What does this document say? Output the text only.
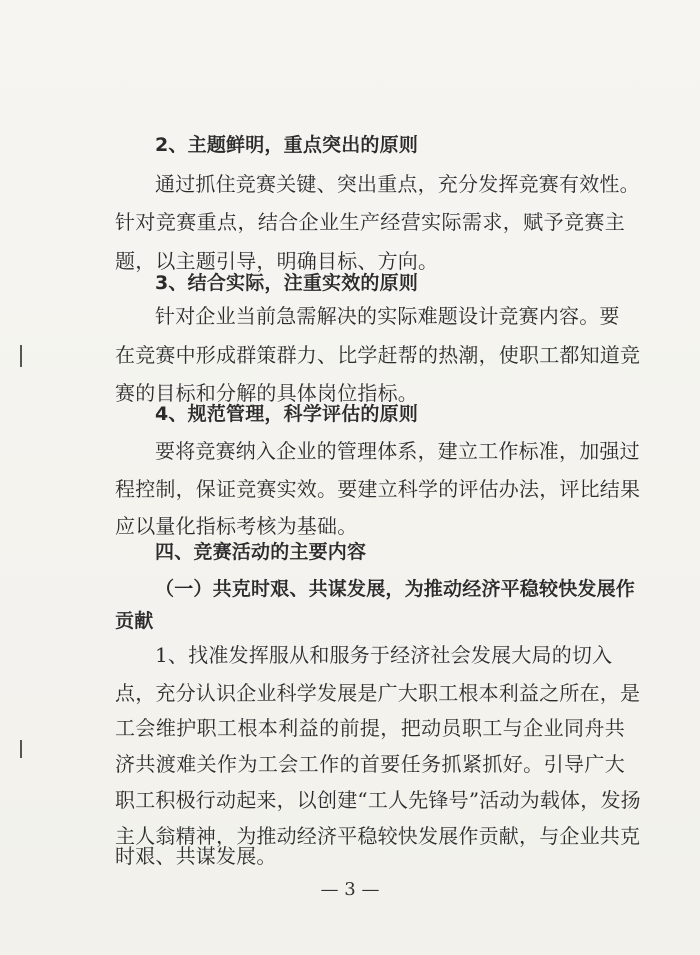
2、主题鲜明，重点突出的原则
通过抓住竞赛关键、突出重点，充分发挥竞赛有效性。
针对竞赛重点，结合企业生产经营实际需求，赋予竞赛主
题，以主题引导，明确目标、方向。
3、结合实际，注重实效的原则
针对企业当前急需解决的实际难题设计竞赛内容。要
在竞赛中形成群策群力、比学赶帮的热潮，使职工都知道竞
赛的目标和分解的具体岗位指标。
4、规范管理，科学评估的原则
要将竞赛纳入企业的管理体系，建立工作标准，加强过
程控制，保证竞赛实效。要建立科学的评估办法，评比结果
应以量化指标考核为基础。
四、竞赛活动的主要内容
（一）共克时艰、共谋发展，为推动经济平稳较快发展作
贡献
1、找准发挥服从和服务于经济社会发展大局的切入
点，充分认识企业科学发展是广大职工根本利益之所在，是
工会维护职工根本利益的前提，把动员职工与企业同舟共
济共渡难关作为工会工作的首要任务抓紧抓好。引导广大
职工积极行动起来，以创建“工人先锋号”活动为载体，发扬
主人翁精神，为推动经济平稳较快发展作贡献，与企业共克
时艰、共谋发展。
— 3 —
